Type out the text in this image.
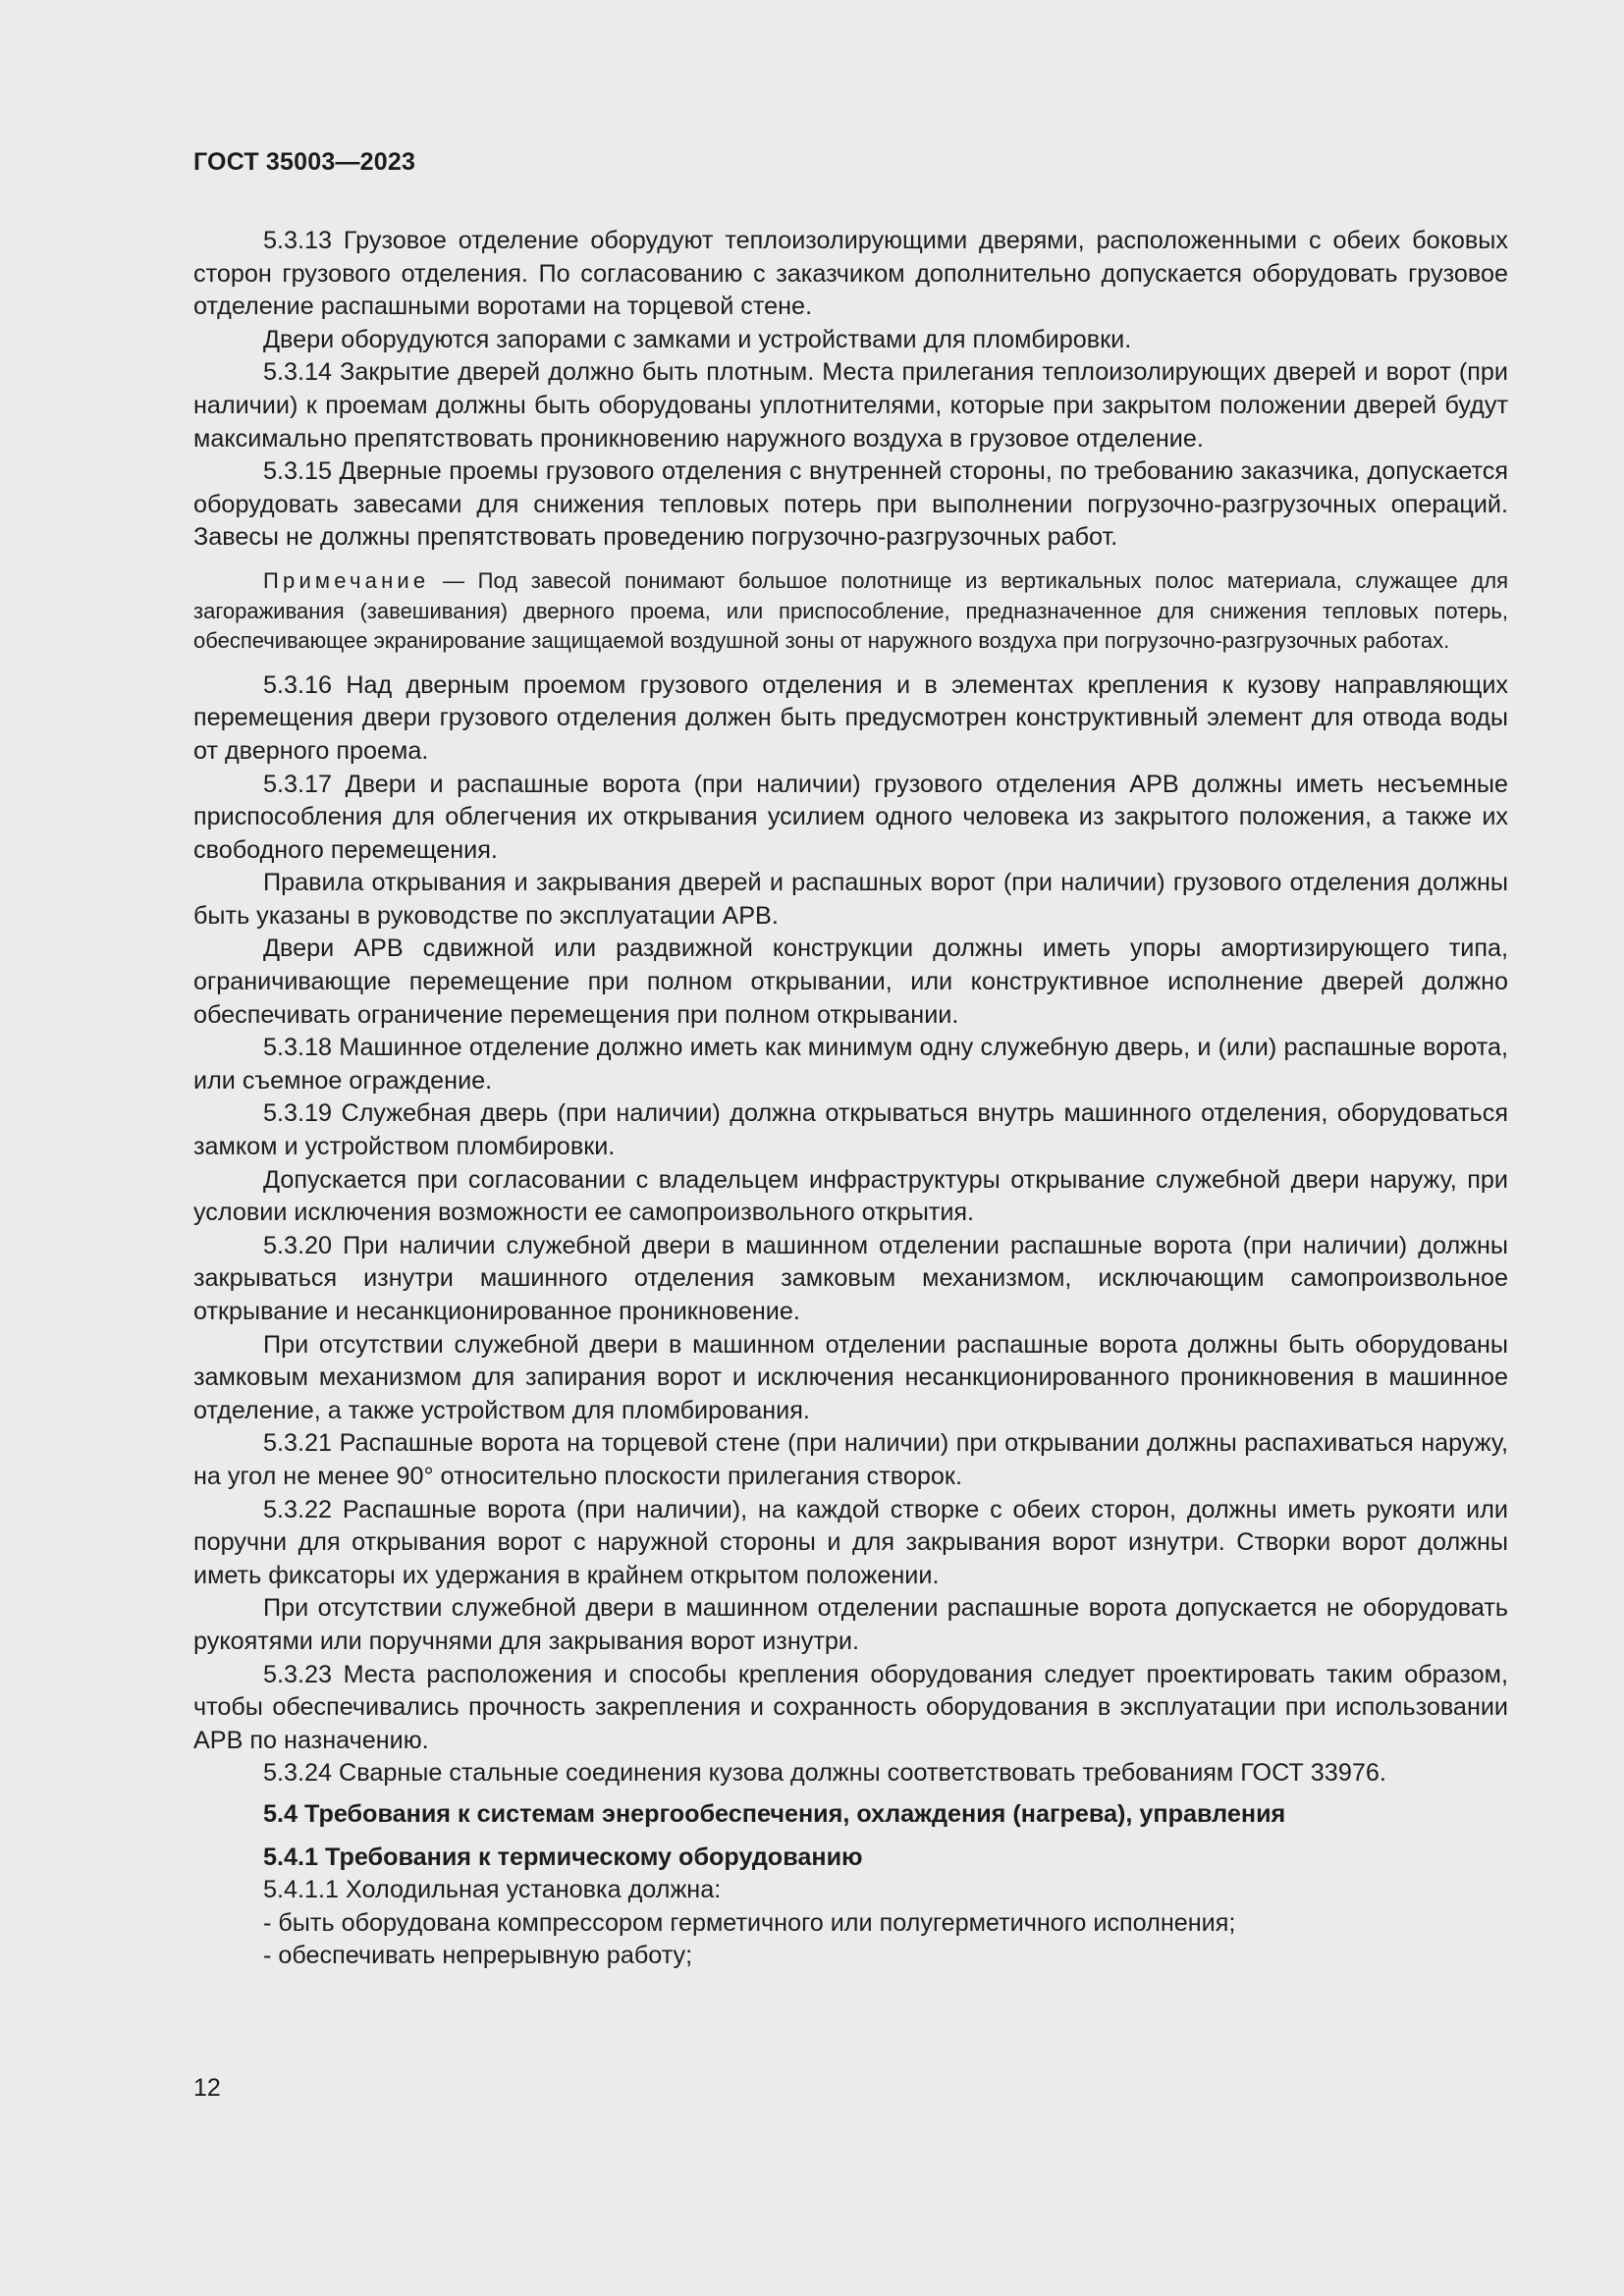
ГОСТ 35003—2023

5.3.13 Грузовое отделение оборудуют теплоизолирующими дверями, расположенными с обеих боковых сторон грузового отделения. По согласованию с заказчиком дополнительно допускается оборудовать грузовое отделение распашными воротами на торцевой стене.

Двери оборудуются запорами с замками и устройствами для пломбировки.

5.3.14 Закрытие дверей должно быть плотным. Места прилегания теплоизолирующих дверей и ворот (при наличии) к проемам должны быть оборудованы уплотнителями, которые при закрытом положении дверей будут максимально препятствовать проникновению наружного воздуха в грузовое отделение.

5.3.15 Дверные проемы грузового отделения с внутренней стороны, по требованию заказчика, допускается оборудовать завесами для снижения тепловых потерь при выполнении погрузочно-разгрузочных операций. Завесы не должны препятствовать проведению погрузочно-разгрузочных работ.

Примечание — Под завесой понимают большое полотнище из вертикальных полос материала, служащее для загораживания (завешивания) дверного проема, или приспособление, предназначенное для снижения тепловых потерь, обеспечивающее экранирование защищаемой воздушной зоны от наружного воздуха при погрузочно-разгрузочных работах.

5.3.16 Над дверным проемом грузового отделения и в элементах крепления к кузову направляющих перемещения двери грузового отделения должен быть предусмотрен конструктивный элемент для отвода воды от дверного проема.

5.3.17 Двери и распашные ворота (при наличии) грузового отделения АРВ должны иметь несъемные приспособления для облегчения их открывания усилием одного человека из закрытого положения, а также их свободного перемещения.

Правила открывания и закрывания дверей и распашных ворот (при наличии) грузового отделения должны быть указаны в руководстве по эксплуатации АРВ.

Двери АРВ сдвижной или раздвижной конструкции должны иметь упоры амортизирующего типа, ограничивающие перемещение при полном открывании, или конструктивное исполнение дверей должно обеспечивать ограничение перемещения при полном открывании.

5.3.18 Машинное отделение должно иметь как минимум одну служебную дверь, и (или) распашные ворота, или съемное ограждение.

5.3.19 Служебная дверь (при наличии) должна открываться внутрь машинного отделения, оборудоваться замком и устройством пломбировки.

Допускается при согласовании с владельцем инфраструктуры открывание служебной двери наружу, при условии исключения возможности ее самопроизвольного открытия.

5.3.20 При наличии служебной двери в машинном отделении распашные ворота (при наличии) должны закрываться изнутри машинного отделения замковым механизмом, исключающим самопроизвольное открывание и несанкционированное проникновение.

При отсутствии служебной двери в машинном отделении распашные ворота должны быть оборудованы замковым механизмом для запирания ворот и исключения несанкционированного проникновения в машинное отделение, а также устройством для пломбирования.

5.3.21 Распашные ворота на торцевой стене (при наличии) при открывании должны распахиваться наружу, на угол не менее 90° относительно плоскости прилегания створок.

5.3.22 Распашные ворота (при наличии), на каждой створке с обеих сторон, должны иметь рукояти или поручни для открывания ворот с наружной стороны и для закрывания ворот изнутри. Створки ворот должны иметь фиксаторы их удержания в крайнем открытом положении.

При отсутствии служебной двери в машинном отделении распашные ворота допускается не оборудовать рукоятями или поручнями для закрывания ворот изнутри.

5.3.23 Места расположения и способы крепления оборудования следует проектировать таким образом, чтобы обеспечивались прочность закрепления и сохранность оборудования в эксплуатации при использовании АРВ по назначению.

5.3.24 Сварные стальные соединения кузова должны соответствовать требованиям ГОСТ 33976.

5.4 Требования к системам энергообеспечения, охлаждения (нагрева), управления

5.4.1 Требования к термическому оборудованию

5.4.1.1 Холодильная установка должна:

- быть оборудована компрессором герметичного или полугерметичного исполнения;

- обеспечивать непрерывную работу;

12
